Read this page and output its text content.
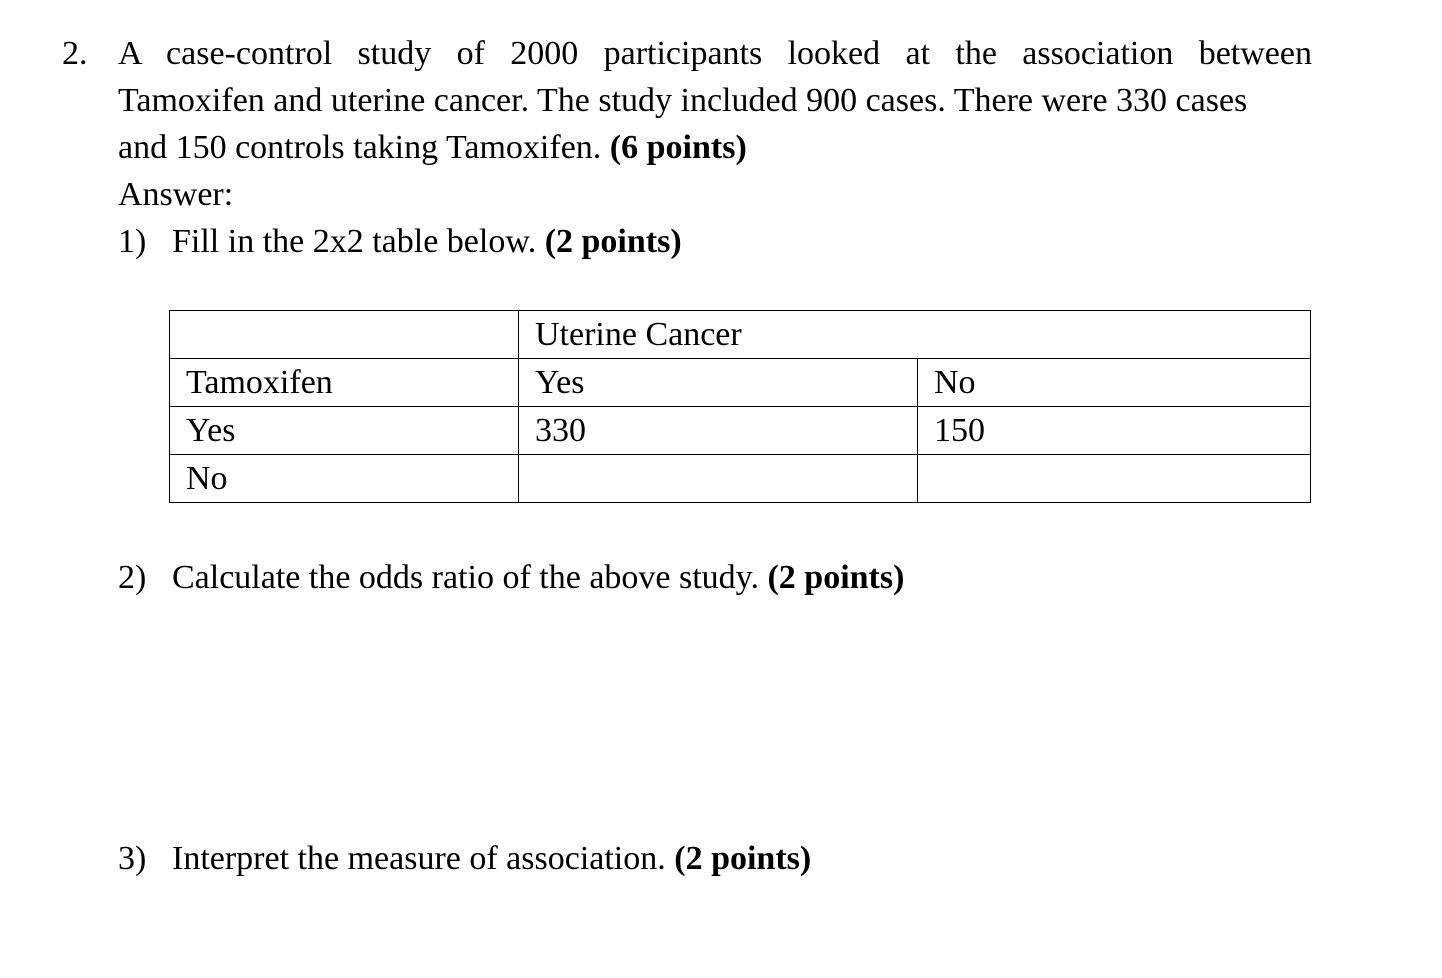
2. A case-control study of 2000 participants looked at the association between
Tamoxifen and uterine cancer. The study included 900 cases. There were 330 cases
and 150 controls taking Tamoxifen. (6 points)
Answer:
1) Fill in the 2x2 table below. (2 points)
	Uterine Cancer	
Tamoxifen	Yes	No
Yes	330	150
No		
2) Calculate the odds ratio of the above study. (2 points)
3) Interpret the measure of association. (2 points)
